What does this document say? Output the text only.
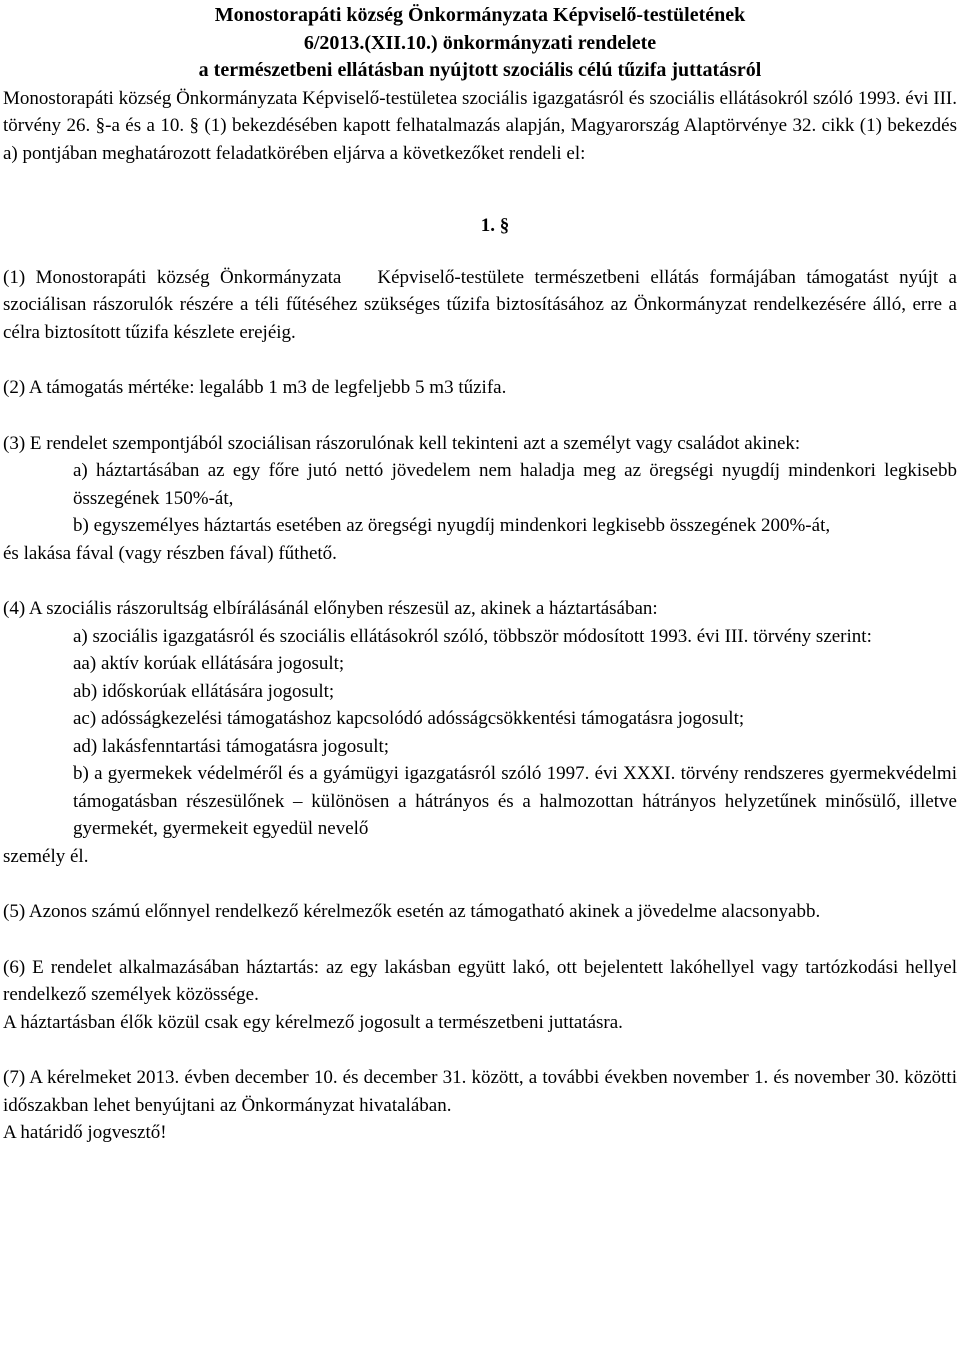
Monostorapáti község Önkormányzata Képviselő-testületének
6/2013.(XII.10.) önkormányzati rendelete
a természetbeni ellátásban nyújtott szociális célú tűzifa juttatásról
Monostorapáti község Önkormányzata Képviselő-testületea szociális igazgatásról és szociális ellátásokról szóló 1993. évi III. törvény 26. §-a és a 10. § (1) bekezdésében kapott felhatalmazás alapján, Magyarország Alaptörvénye 32. cikk (1) bekezdés a) pontjában meghatározott feladatkörében eljárva a következőket rendeli el:
1. §

(1) Monostorapáti község Önkormányzata Képviselő-testülete természetbeni ellátás formájában támogatást nyújt a szociálisan rászorulók részére a téli fűtéséhez szükséges tűzifa biztosításához az Önkormányzat rendelkezésére álló, erre a célra biztosított tűzifa készlete erejéig.

(2) A támogatás mértéke: legalább 1 m3 de legfeljebb 5 m3 tűzifa.

(3) E rendelet szempontjából szociálisan rászorulónak kell tekinteni azt a személyt vagy családot akinek:

a) háztartásában az egy főre jutó nettó jövedelem nem haladja meg az öregségi nyugdíj mindenkori legkisebb összegének 150%-át,

b) egyszemélyes háztartás esetében az öregségi nyugdíj mindenkori legkisebb összegének 200%-át,

és lakása fával (vagy részben fával) fűthető.

(4) A szociális rászorultság elbírálásánál előnyben részesül az, akinek a háztartásában:

a) szociális igazgatásról és szociális ellátásokról szóló, többször módosított 1993. évi III. törvény szerint:

aa) aktív korúak ellátására jogosult;

ab) időskorúak ellátására jogosult;

ac) adósságkezelési támogatáshoz kapcsolódó adósságcsökkentési támogatásra jogosult;

ad) lakásfenntartási támogatásra jogosult;

b) a gyermekek védelméről és a gyámügyi igazgatásról szóló 1997. évi XXXI. törvény rendszeres gyermekvédelmi támogatásban részesülőnek – különösen a hátrányos és a halmozottan hátrányos helyzetűnek minősülő, illetve gyermekét, gyermekeit egyedül nevelő

személy él.

(5) Azonos számú előnnyel rendelkező kérelmezők esetén az támogatható akinek a jövedelme alacsonyabb.

(6) E rendelet alkalmazásában háztartás: az egy lakásban együtt lakó, ott bejelentett lakóhellyel vagy tartózkodási hellyel rendelkező személyek közössége.

A háztartásban élők közül csak egy kérelmező jogosult a természetbeni juttatásra.

(7) A kérelmeket 2013. évben december 10. és december 31. között, a további években november 1. és november 30. közötti időszakban lehet benyújtani az Önkormányzat hivatalában.

A határidő jogvesztő!
